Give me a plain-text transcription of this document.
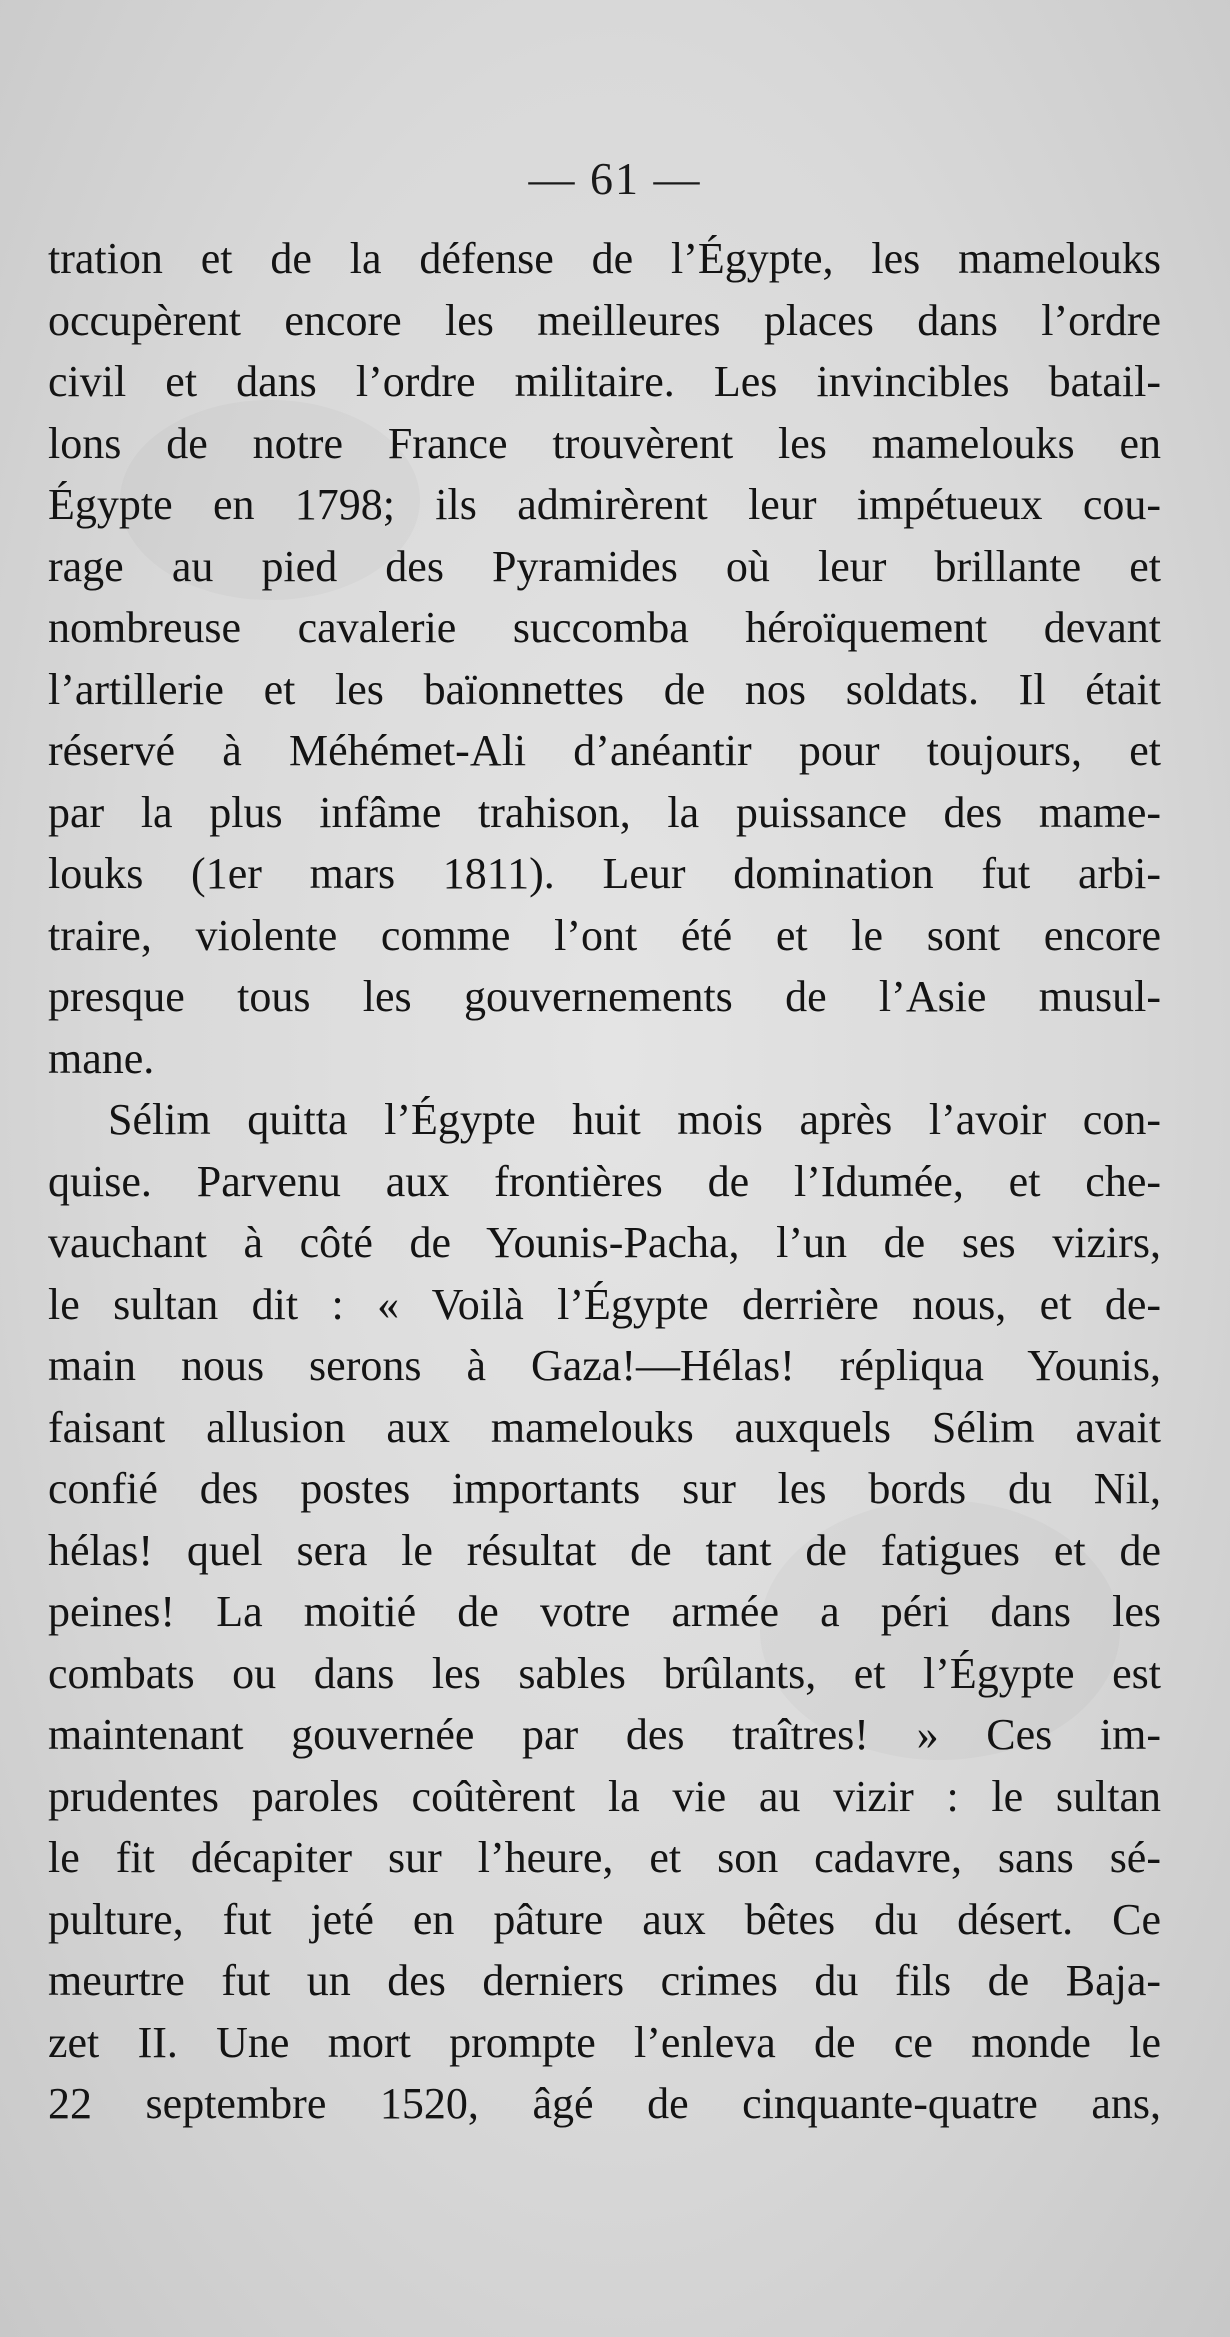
— 61 —
tration et de la défense de l’Égypte, les mamelouks
occupèrent encore les meilleures places dans l’ordre
civil et dans l’ordre militaire. Les invincibles batail-
lons de notre France trouvèrent les mamelouks en
Égypte en 1798; ils admirèrent leur impétueux cou-
rage au pied des Pyramides où leur brillante et
nombreuse cavalerie succomba héroïquement devant
l’artillerie et les baïonnettes de nos soldats. Il était
réservé à Méhémet-Ali d’anéantir pour toujours, et
par la plus infâme trahison, la puissance des mame-
louks (1er mars 1811). Leur domination fut arbi-
traire, violente comme l’ont été et le sont encore
presque tous les gouvernements de l’Asie musul-
mane.
Sélim quitta l’Égypte huit mois après l’avoir con-
quise. Parvenu aux frontières de l’Idumée, et che-
vauchant à côté de Younis-Pacha, l’un de ses vizirs,
le sultan dit : « Voilà l’Égypte derrière nous, et de-
main nous serons à Gaza!—Hélas! répliqua Younis,
faisant allusion aux mamelouks auxquels Sélim avait
confié des postes importants sur les bords du Nil,
hélas! quel sera le résultat de tant de fatigues et de
peines! La moitié de votre armée a péri dans les
combats ou dans les sables brûlants, et l’Égypte est
maintenant gouvernée par des traîtres! » Ces im-
prudentes paroles coûtèrent la vie au vizir : le sultan
le fit décapiter sur l’heure, et son cadavre, sans sé-
pulture, fut jeté en pâture aux bêtes du désert. Ce
meurtre fut un des derniers crimes du fils de Baja-
zet II. Une mort prompte l’enleva de ce monde le
22 septembre 1520, âgé de cinquante-quatre ans,
